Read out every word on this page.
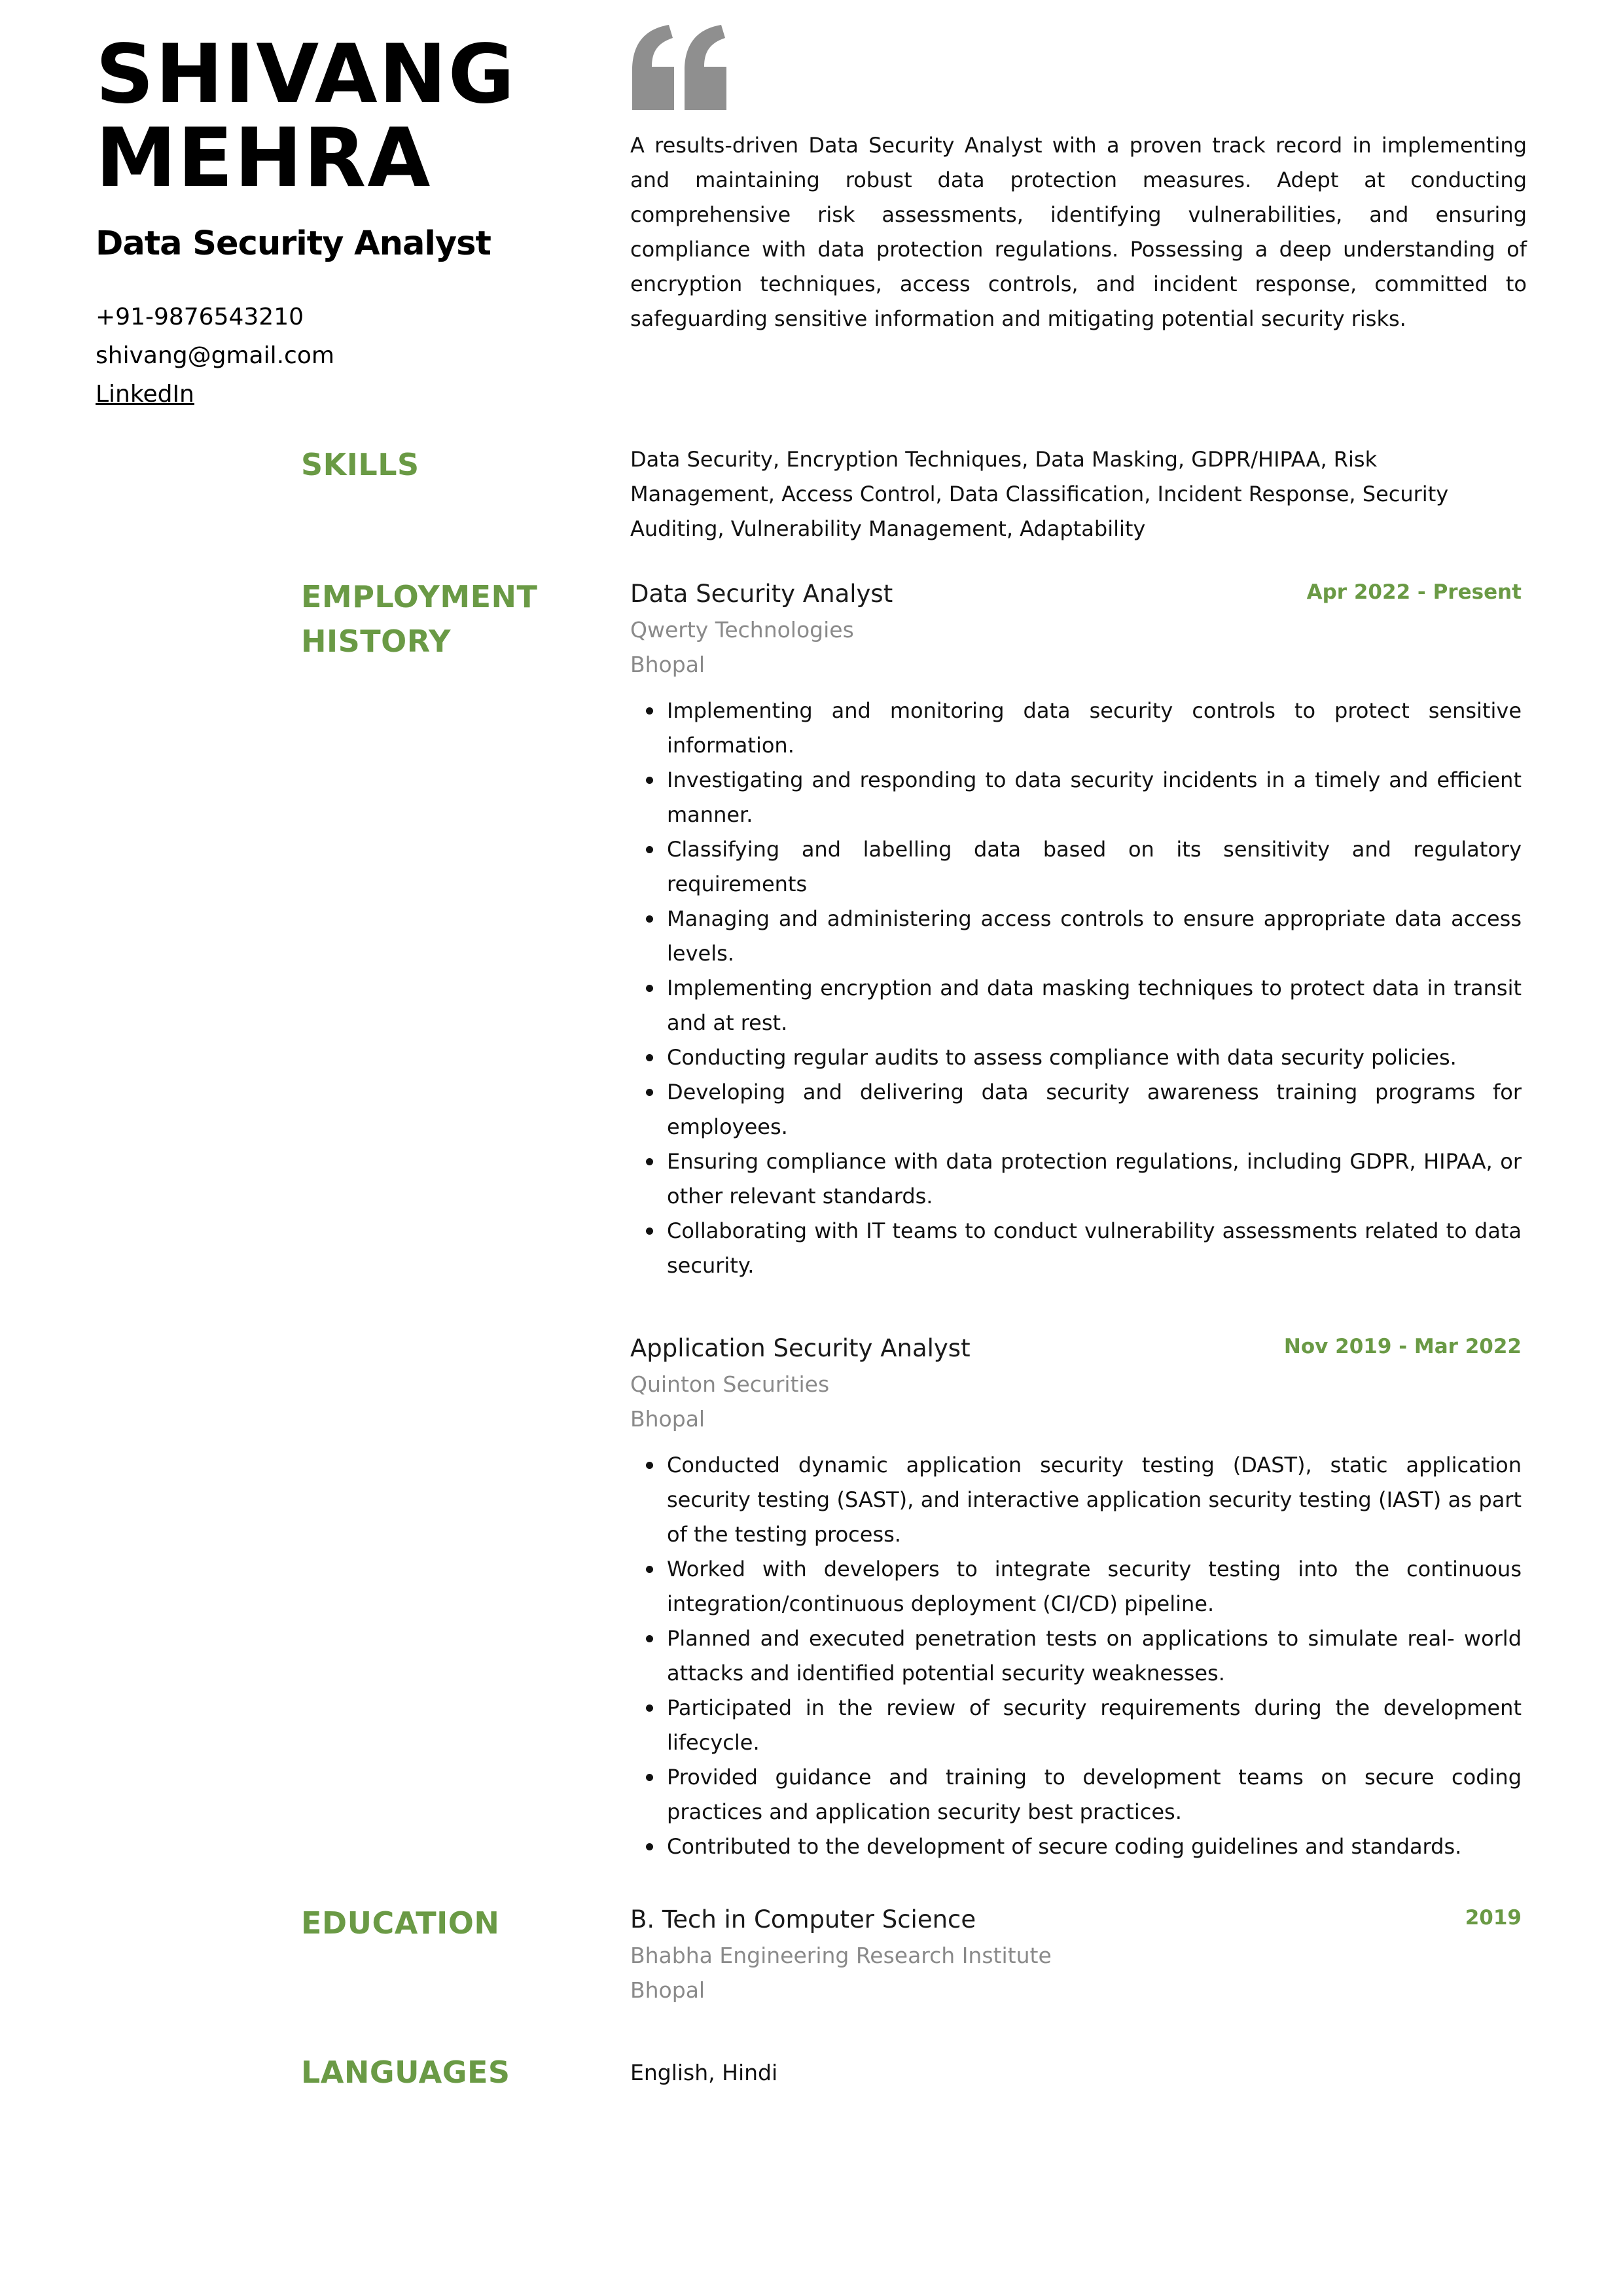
SHIVANG
MEHRA
Data Security Analyst
+91-9876543210
shivang@gmail.com
LinkedIn
A results-driven Data Security Analyst with a proven track record in implementing and maintaining robust data protection measures. Adept at conducting comprehensive risk assessments, identifying vulnerabilities, and ensuring compliance with data protection regulations. Possessing a deep understanding of encryption techniques, access controls, and incident response, committed to safeguarding sensitive information and mitigating potential security risks.
SKILLS	Data Security, Encryption Techniques, Data Masking, GDPR/HIPAA, Risk Management, Access Control, Data Classification, Incident Response, Security Auditing, Vulnerability Management, Adaptability
EMPLOYMENT
HISTORY
Data Security Analyst	Apr 2022 - Present
Qwerty Technologies
Bhopal
Implementing and monitoring data security controls to protect sensitive information.
Investigating and responding to data security incidents in a timely and efficient manner.
Classifying and labelling data based on its sensitivity and regulatory requirements
Managing and administering access controls to ensure appropriate data access levels.
Implementing encryption and data masking techniques to protect data in transit and at rest.
Conducting regular audits to assess compliance with data security policies.
Developing and delivering data security awareness training programs for employees.
Ensuring compliance with data protection regulations, including GDPR, HIPAA, or other relevant standards.
Collaborating with IT teams to conduct vulnerability assessments related to data security.
Application Security Analyst	Nov 2019 - Mar 2022
Quinton Securities
Bhopal
Conducted dynamic application security testing (DAST), static application security testing (SAST), and interactive application security testing (IAST) as part of the testing process.
Worked with developers to integrate security testing into the continuous integration/continuous deployment (CI/CD) pipeline.
Planned and executed penetration tests on applications to simulate real- world attacks and identified potential security weaknesses.
Participated in the review of security requirements during the development lifecycle.
Provided guidance and training to development teams on secure coding practices and application security best practices.
Contributed to the development of secure coding guidelines and standards.
EDUCATION	B. Tech in Computer Science	2019
Bhabha Engineering Research Institute
Bhopal
LANGUAGES	English, Hindi
